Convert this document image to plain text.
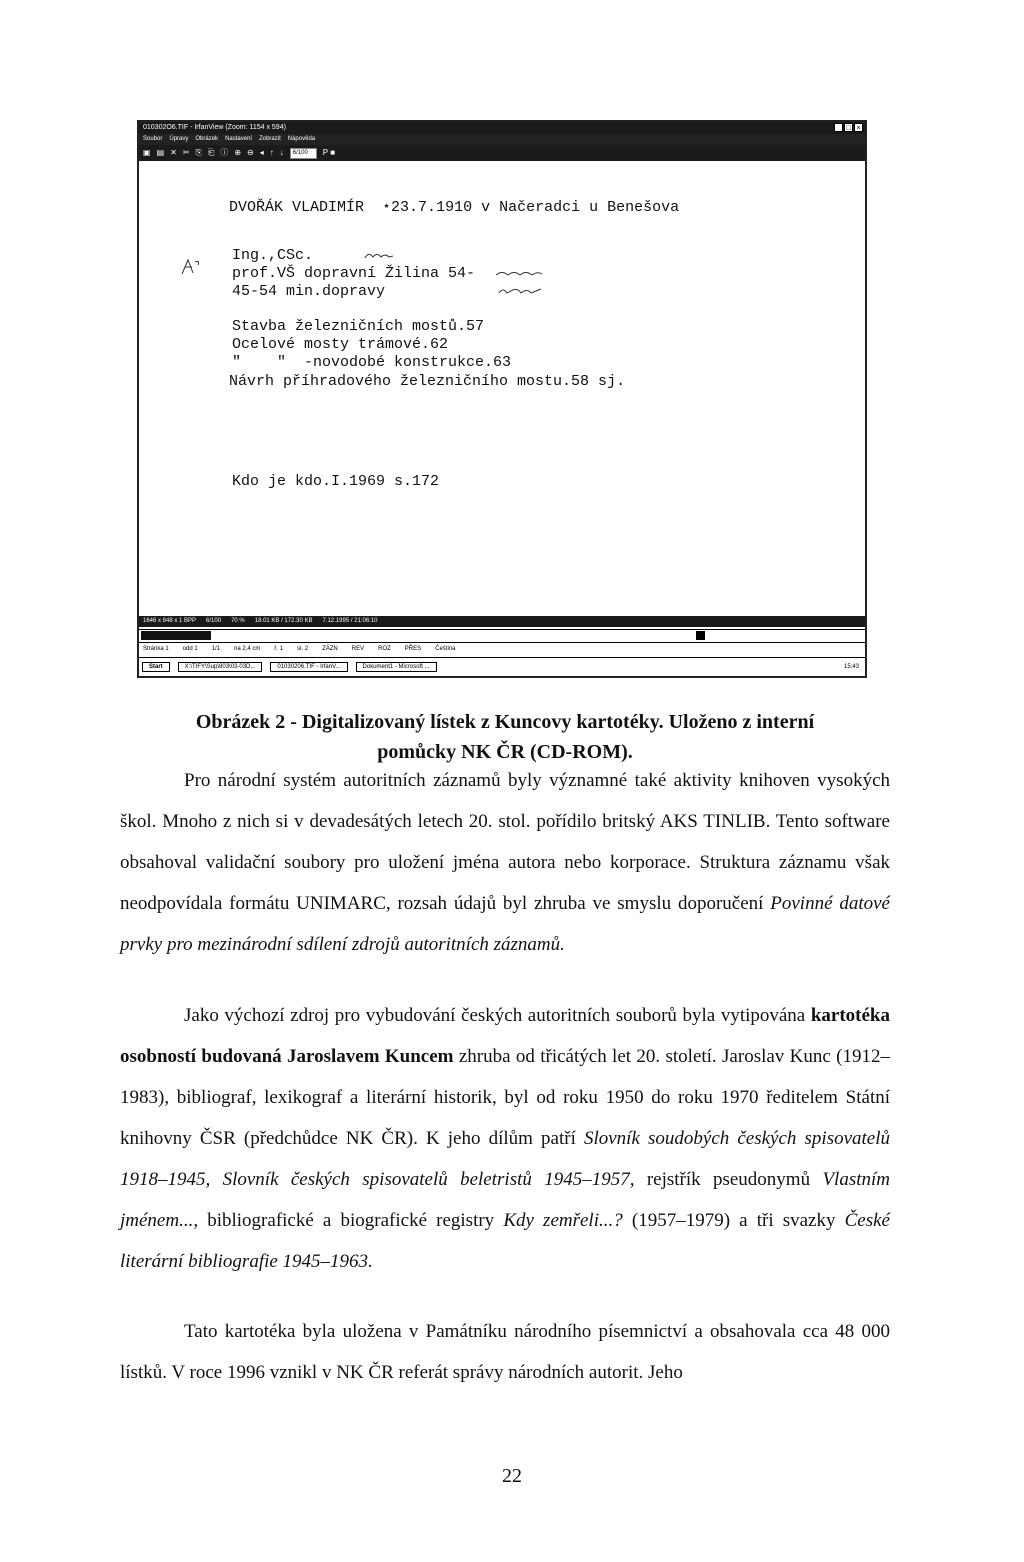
010302O6.TIF - IrfanView (Zoom: 1154 x 594)	_ □ ×
Soubor Úpravy Obrázek Nastavení Zobrazit Nápověda
▣ ▤ ✕ ✂ ⎘ ⎗ ⓘ ⊕ ⊖ ◂ ↑ ↓	6/100	P ■
DVOŘÁK VLADIMÍR  ⋆23.7.1910 v Načeradci u Benešova
Ing.,CSc.
prof.VŠ dopravní Žilina 54-
45-54 min.dopravy
Stavba železničních mostů.57
Ocelové mosty trámové.62
"    "  -novodobé konstrukce.63
Návrh příhradového železničního mostu.58 sj.
Kdo je kdo.I.1969 s.172
1646 x 848 x 1 BPP 6/100 70 % 18.01 KB / 172.30 KB 7.12.1995 / 21:06:10
Stránka 1 odd 1 1/1 na 2,4 cm ř. 1 sl. 2 ZÁZN REV ROZ PŘES Čeština
Start	X:\TIFY\Šup\803\03-03D...	01030206.TIF - IrfanV...	Dokument1 - Microsoft ...	15:43
Obrázek 2 - Digitalizovaný lístek z Kuncovy kartotéky. Uloženo z interní
pomůcky NK ČR (CD-ROM).

Pro národní systém autoritních záznamů byly významné také aktivity knihoven vysokých škol. Mnoho z nich si v devadesátých letech 20. stol. pořídilo britský AKS TINLIB. Tento software obsahoval validační soubory pro uložení jména autora nebo korporace. Struktura záznamu však neodpovídala formátu UNIMARC, rozsah údajů byl zhruba ve smyslu doporučení Povinné datové prvky pro mezinárodní sdílení zdrojů autoritních záznamů.

Jako výchozí zdroj pro vybudování českých autoritních souborů byla vytipována kartotéka osobností budovaná Jaroslavem Kuncem zhruba od třicátých let 20. století. Jaroslav Kunc (1912–1983), bibliograf, lexikograf a literární historik, byl od roku 1950 do roku 1970 ředitelem Státní knihovny ČSR (předchůdce NK ČR). K jeho dílům patří Slovník soudobých českých spisovatelů 1918–1945, Slovník českých spisovatelů beletristů 1945–1957, rejstřík pseudonymů Vlastním jménem..., bibliografické a biografické registry Kdy zemřeli...? (1957–1979) a tři svazky České literární bibliografie 1945–1963.

Tato kartotéka byla uložena v Památníku národního písemnictví a obsahovala cca 48 000 lístků. V roce 1996 vznikl v NK ČR referát správy národních autorit. Jeho

22
